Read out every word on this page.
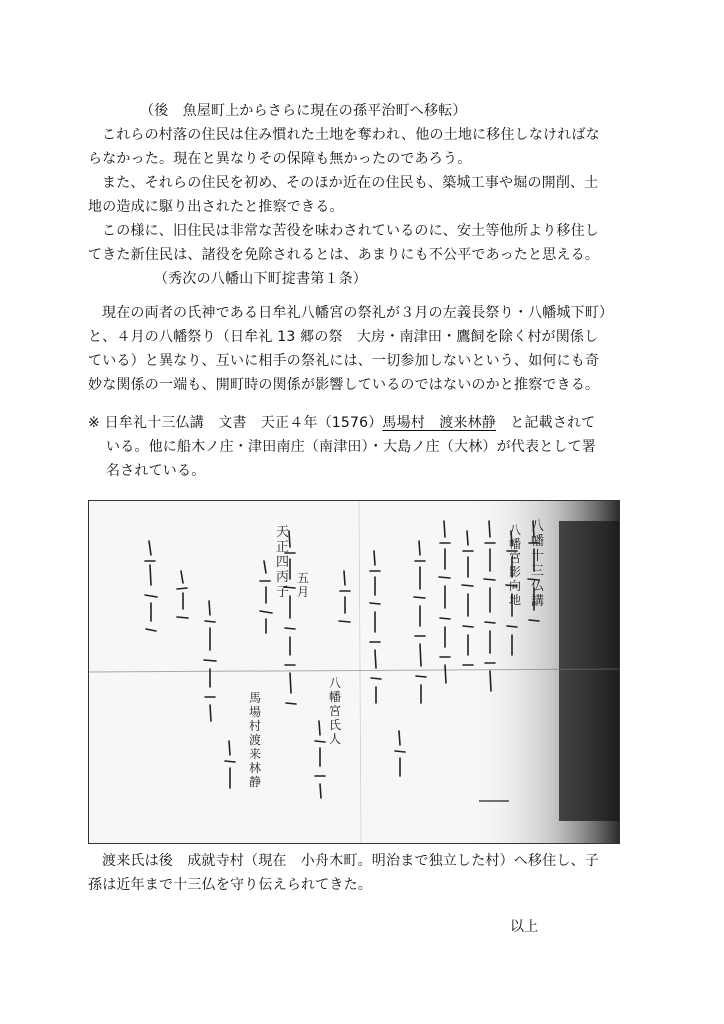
（後　魚屋町上からさらに現在の孫平治町へ移転）
これらの村落の住民は住み慣れた土地を奪われ、他の土地に移住しなければな
らなかった。現在と異なりその保障も無かったのであろう。
また、それらの住民を初め、そのほか近在の住民も、築城工事や堀の開削、土
地の造成に駆り出されたと推察できる。
この様に、旧住民は非常な苦役を味わされているのに、安土等他所より移住し
てきた新住民は、諸役を免除されるとは、あまりにも不公平であったと思える。
（秀次の八幡山下町掟書第１条）
現在の両者の氏神である日牟礼八幡宮の祭礼が３月の左義長祭り・八幡城下町）
と、４月の八幡祭り（日牟礼 13 郷の祭　大房・南津田・鷹飼を除く村が関係し
ている）と異なり、互いに相手の祭礼には、一切参加しないという、如何にも奇
妙な関係の一端も、開町時の関係が影響しているのではないのかと推察できる。
※ 日牟礼十三仏講　文書　天正４年（1576）馬場村　渡来林静　と記載されて
いる。他に船木ノ庄・津田南庄（南津田）・大島ノ庄（大林）が代表として署
名されている。
天正四　丙子
五月
八幡十三仏講
八幡宮影向地
八幡宮氏人
馬場村渡来林静
渡来氏は後　成就寺村（現在　小舟木町。明治まで独立した村）へ移住し、子
孫は近年まで十三仏を守り伝えられてきた。
以上
